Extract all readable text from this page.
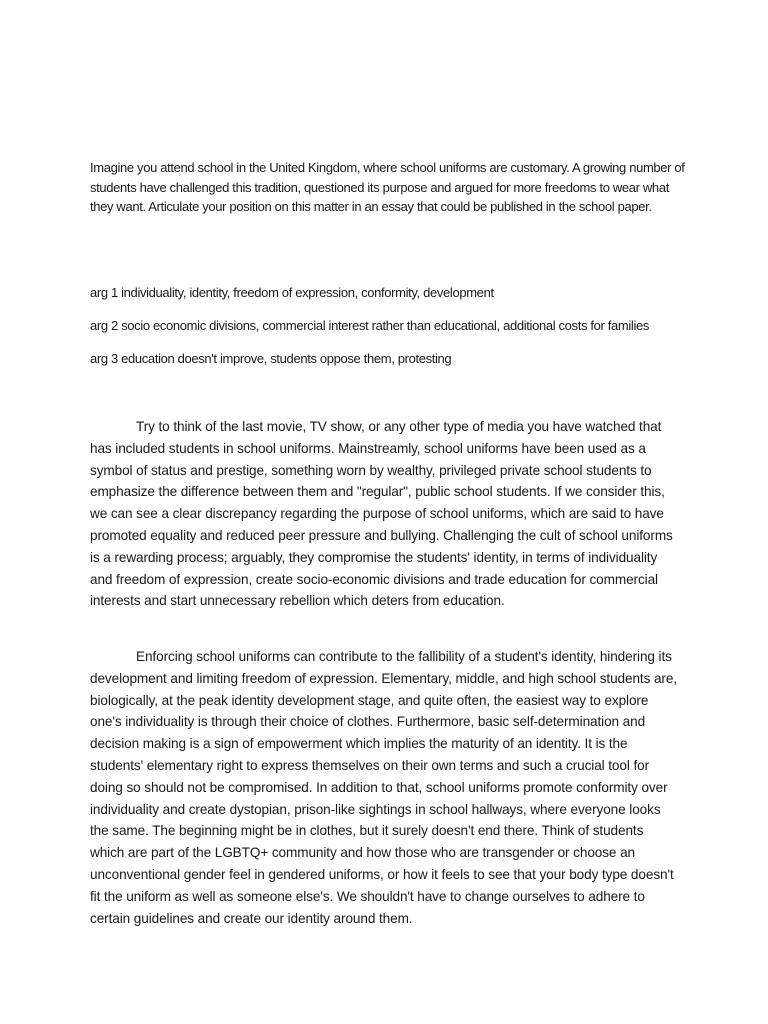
Imagine you attend school in the United Kingdom, where school uniforms are customary. A growing number of students have challenged this tradition, questioned its purpose and argued for more freedoms to wear what they want. Articulate your position on this matter in an essay that could be published in the school paper.

arg 1 individuality, identity, freedom of expression, conformity, development

arg 2 socio economic divisions, commercial interest rather than educational, additional costs for families

arg 3 education doesn't improve, students oppose them, protesting

Try to think of the last movie, TV show, or any other type of media you have watched that has included students in school uniforms. Mainstreamly, school uniforms have been used as a symbol of status and prestige, something worn by wealthy, privileged private school students to emphasize the difference between them and "regular", public school students. If we consider this, we can see a clear discrepancy regarding the purpose of school uniforms, which are said to have promoted equality and reduced peer pressure and bullying. Challenging the cult of school uniforms is a rewarding process; arguably, they compromise the students' identity, in terms of individuality and freedom of expression, create socio-economic divisions and trade education for commercial interests and start unnecessary rebellion which deters from education.

Enforcing school uniforms can contribute to the fallibility of a student's identity, hindering its development and limiting freedom of expression. Elementary, middle, and high school students are, biologically, at the peak identity development stage, and quite often, the easiest way to explore one's individuality is through their choice of clothes. Furthermore, basic self-determination and decision making is a sign of empowerment which implies the maturity of an identity. It is the students' elementary right to express themselves on their own terms and such a crucial tool for doing so should not be compromised. In addition to that, school uniforms promote conformity over individuality and create dystopian, prison-like sightings in school hallways, where everyone looks the same. The beginning might be in clothes, but it surely doesn't end there. Think of students which are part of the LGBTQ+ community and how those who are transgender or choose an unconventional gender feel in gendered uniforms, or how it feels to see that your body type doesn't fit the uniform as well as someone else's. We shouldn't have to change ourselves to adhere to certain guidelines and create our identity around them.
